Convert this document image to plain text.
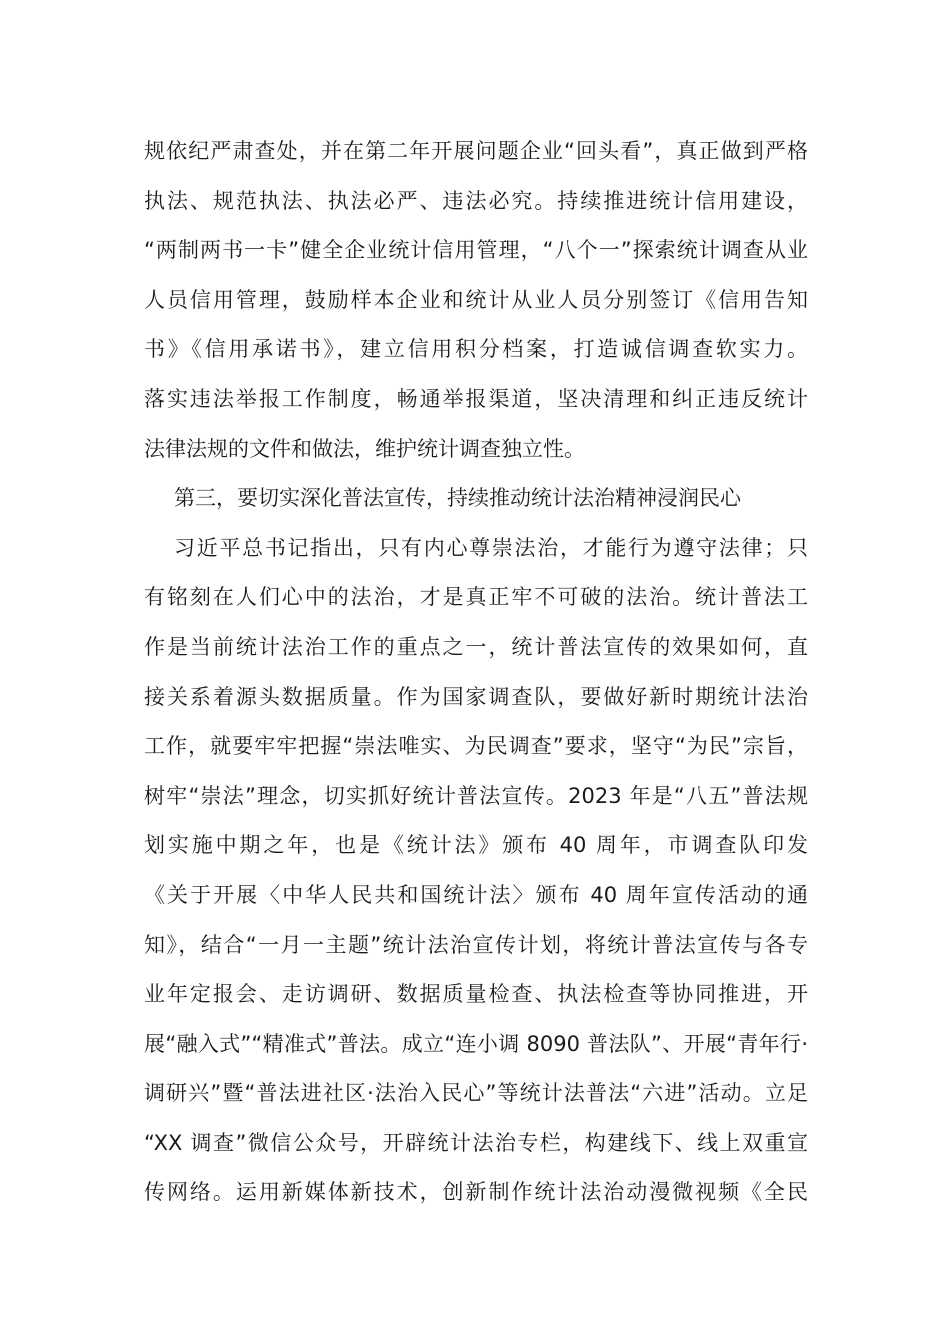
规依纪严肃查处，并在第二年开展问题企业“回头看”，真正做到严格
执法、规范执法、执法必严、违法必究。持续推进统计信用建设，
“两制两书一卡”健全企业统计信用管理，“八个一”探索统计调查从业
人员信用管理，鼓励样本企业和统计从业人员分别签订《信用告知
书》《信用承诺书》，建立信用积分档案，打造诚信调查软实力。
落实违法举报工作制度，畅通举报渠道，坚决清理和纠正违反统计
法律法规的文件和做法，维护统计调查独立性。
第三，要切实深化普法宣传，持续推动统计法治精神浸润民心
习近平总书记指出，只有内心尊崇法治，才能行为遵守法律；只
有铭刻在人们心中的法治，才是真正牢不可破的法治。统计普法工
作是当前统计法治工作的重点之一，统计普法宣传的效果如何，直
接关系着源头数据质量。作为国家调查队，要做好新时期统计法治
工作，就要牢牢把握“崇法唯实、为民调查”要求，坚守“为民”宗旨，
树牢“崇法”理念，切实抓好统计普法宣传。2023 年是“八五”普法规
划实施中期之年，也是《统计法》颁布 40 周年，市调查队印发
《关于开展〈中华人民共和国统计法〉颁布 40 周年宣传活动的通
知》，结合“一月一主题”统计法治宣传计划，将统计普法宣传与各专
业年定报会、走访调研、数据质量检查、执法检查等协同推进，开
展“融入式”“精准式”普法。成立“连小调 8090 普法队”、开展“青年行·
调研兴”暨“普法进社区·法治入民心”等统计法普法“六进”活动。立足
“XX 调查”微信公众号，开辟统计法治专栏，构建线下、线上双重宣
传网络。运用新媒体新技术，创新制作统计法治动漫微视频《全民
